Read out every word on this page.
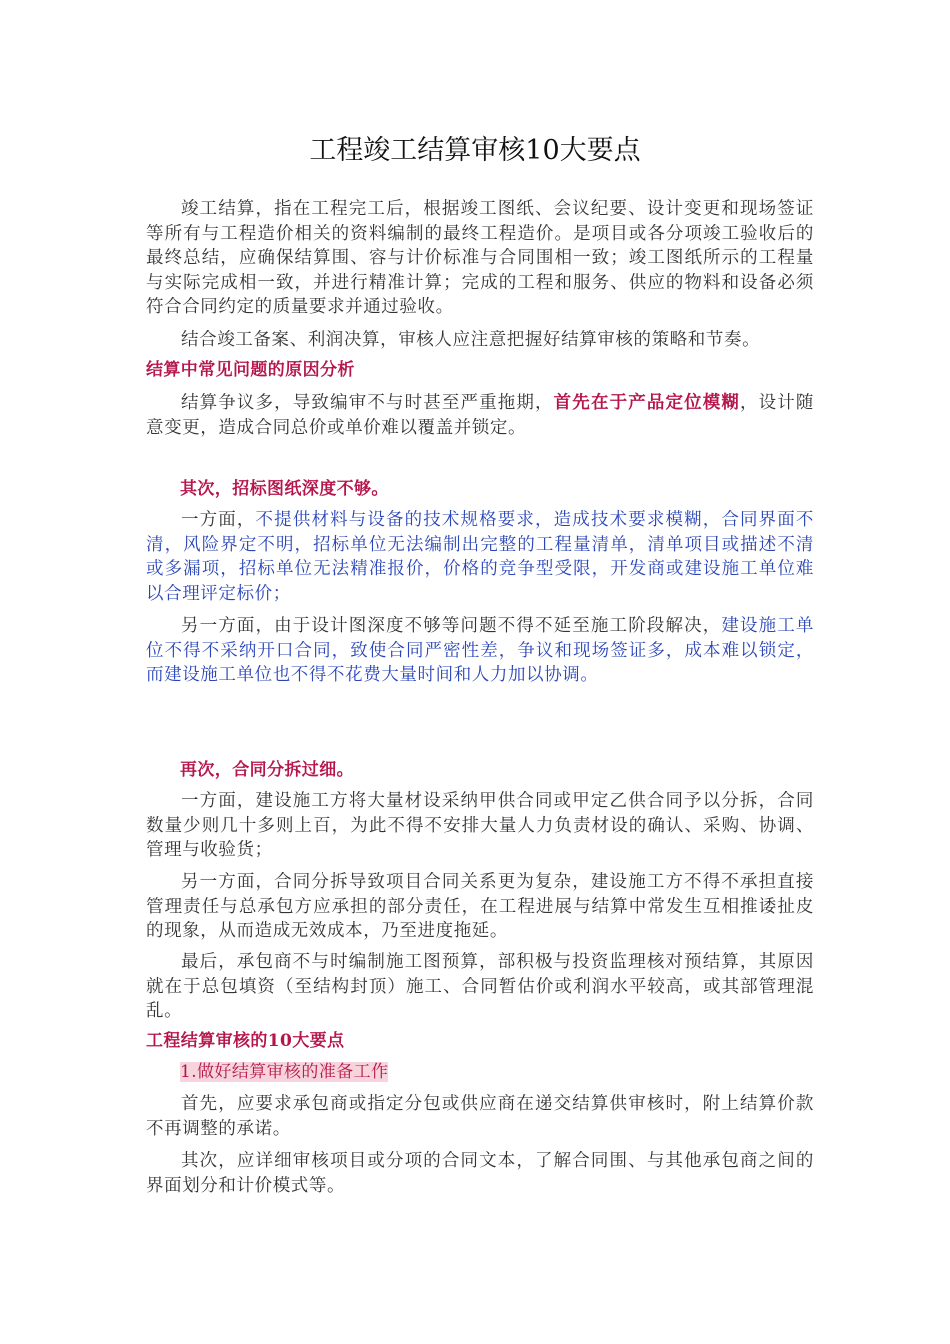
工程竣工结算审核10大要点

竣工结算，指在工程完工后，根据竣工图纸、会议纪要、设计变更和现场签证等所有与工程造价相关的资料编制的最终工程造价。是项目或各分项竣工验收后的最终总结，应确保结算围、容与计价标准与合同围相一致；竣工图纸所示的工程量与实际完成相一致，并进行精准计算；完成的工程和服务、供应的物料和设备必须符合合同约定的质量要求并通过验收。

结合竣工备案、利润决算，审核人应注意把握好结算审核的策略和节奏。

结算中常见问题的原因分析

结算争议多，导致编审不与时甚至严重拖期，首先在于产品定位模糊，设计随意变更，造成合同总价或单价难以覆盖并锁定。

其次，招标图纸深度不够。

一方面，不提供材料与设备的技术规格要求，造成技术要求模糊，合同界面不清，风险界定不明，招标单位无法编制出完整的工程量清单，清单项目或描述不清或多漏项，招标单位无法精准报价，价格的竞争型受限，开发商或建设施工单位难以合理评定标价；

另一方面，由于设计图深度不够等问题不得不延至施工阶段解决，建设施工单位不得不采纳开口合同，致使合同严密性差，争议和现场签证多，成本难以锁定，而建设施工单位也不得不花费大量时间和人力加以协调。

再次，合同分拆过细。

一方面，建设施工方将大量材设采纳甲供合同或甲定乙供合同予以分拆，合同数量少则几十多则上百，为此不得不安排大量人力负责材设的确认、采购、协调、管理与收验货；

另一方面，合同分拆导致项目合同关系更为复杂，建设施工方不得不承担直接 管理责任与总承包方应承担的部分责任，在工程进展与结算中常发生互相推诿扯皮的现象，从而造成无效成本，乃至进度拖延。

最后，承包商不与时编制施工图预算，部积极与投资监理核对预结算，其原因就在于总包填资（至结构封顶）施工、合同暂估价或利润水平较高，或其部管理混乱。

工程结算审核的10大要点
1.做好结算审核的准备工作

首先，应要求承包商或指定分包或供应商在递交结算供审核时，附上结算价款不再调整的承诺。

其次，应详细审核项目或分项的合同文本，了解合同围、与其他承包商之间的界面划分和计价模式等。
